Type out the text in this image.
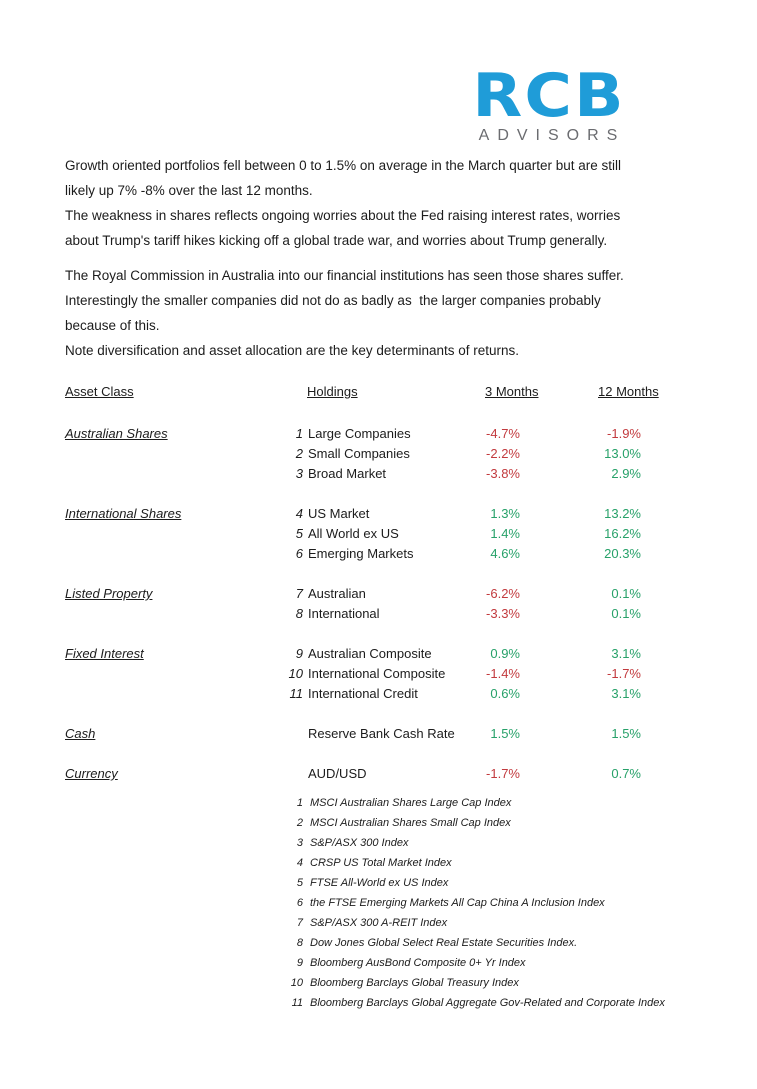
RCB
ADVISORS
Growth oriented portfolios fell between 0 to 1.5% on average in the March quarter but are still
likely up 7% -8% over the last 12 months.
The weakness in shares reflects ongoing worries about the Fed raising interest rates, worries
about Trump's tariff hikes kicking off a global trade war, and worries about Trump generally.
The Royal Commission in Australia into our financial institutions has seen those shares suffer.
Interestingly the smaller companies did not do as badly as  the larger companies probably
because of this.
Note diversification and asset allocation are the key determinants of returns.
Asset Class	Holdings	3 Months	12 Months
Australian Shares	1 Large Companies	-4.7%	-1.9%
2 Small Companies	-2.2%	13.0%
3 Broad Market	-3.8%	2.9%
International Shares	4 US Market	1.3%	13.2%
5 All World ex US	1.4%	16.2%
6 Emerging Markets	4.6%	20.3%
Listed Property	7 Australian	-6.2%	0.1%
8 International	-3.3%	0.1%
Fixed Interest	9 Australian Composite	0.9%	3.1%
10 International Composite	-1.4%	-1.7%
11 International Credit	0.6%	3.1%
Cash	Reserve Bank Cash Rate	1.5%	1.5%
Currency	AUD/USD	-1.7%	0.7%
1 MSCI Australian Shares Large Cap Index
2 MSCI Australian Shares Small Cap Index
3 S&P/ASX 300 Index
4 CRSP US Total Market Index
5 FTSE All-World ex US Index
6 the FTSE Emerging Markets All Cap China A Inclusion Index
7 S&P/ASX 300 A-REIT Index
8 Dow Jones Global Select Real Estate Securities Index.
9 Bloomberg AusBond Composite 0+ Yr Index
10 Bloomberg Barclays Global Treasury Index
11 Bloomberg Barclays Global Aggregate Gov-Related and Corporate Index
